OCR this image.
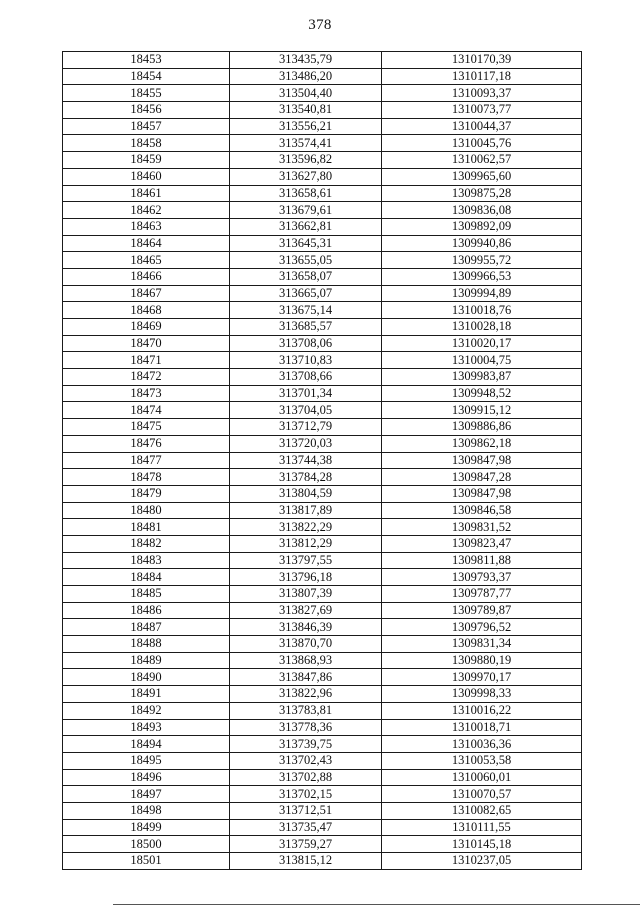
378
18453	313435,79	1310170,39
18454	313486,20	1310117,18
18455	313504,40	1310093,37
18456	313540,81	1310073,77
18457	313556,21	1310044,37
18458	313574,41	1310045,76
18459	313596,82	1310062,57
18460	313627,80	1309965,60
18461	313658,61	1309875,28
18462	313679,61	1309836,08
18463	313662,81	1309892,09
18464	313645,31	1309940,86
18465	313655,05	1309955,72
18466	313658,07	1309966,53
18467	313665,07	1309994,89
18468	313675,14	1310018,76
18469	313685,57	1310028,18
18470	313708,06	1310020,17
18471	313710,83	1310004,75
18472	313708,66	1309983,87
18473	313701,34	1309948,52
18474	313704,05	1309915,12
18475	313712,79	1309886,86
18476	313720,03	1309862,18
18477	313744,38	1309847,98
18478	313784,28	1309847,28
18479	313804,59	1309847,98
18480	313817,89	1309846,58
18481	313822,29	1309831,52
18482	313812,29	1309823,47
18483	313797,55	1309811,88
18484	313796,18	1309793,37
18485	313807,39	1309787,77
18486	313827,69	1309789,87
18487	313846,39	1309796,52
18488	313870,70	1309831,34
18489	313868,93	1309880,19
18490	313847,86	1309970,17
18491	313822,96	1309998,33
18492	313783,81	1310016,22
18493	313778,36	1310018,71
18494	313739,75	1310036,36
18495	313702,43	1310053,58
18496	313702,88	1310060,01
18497	313702,15	1310070,57
18498	313712,51	1310082,65
18499	313735,47	1310111,55
18500	313759,27	1310145,18
18501	313815,12	1310237,05
